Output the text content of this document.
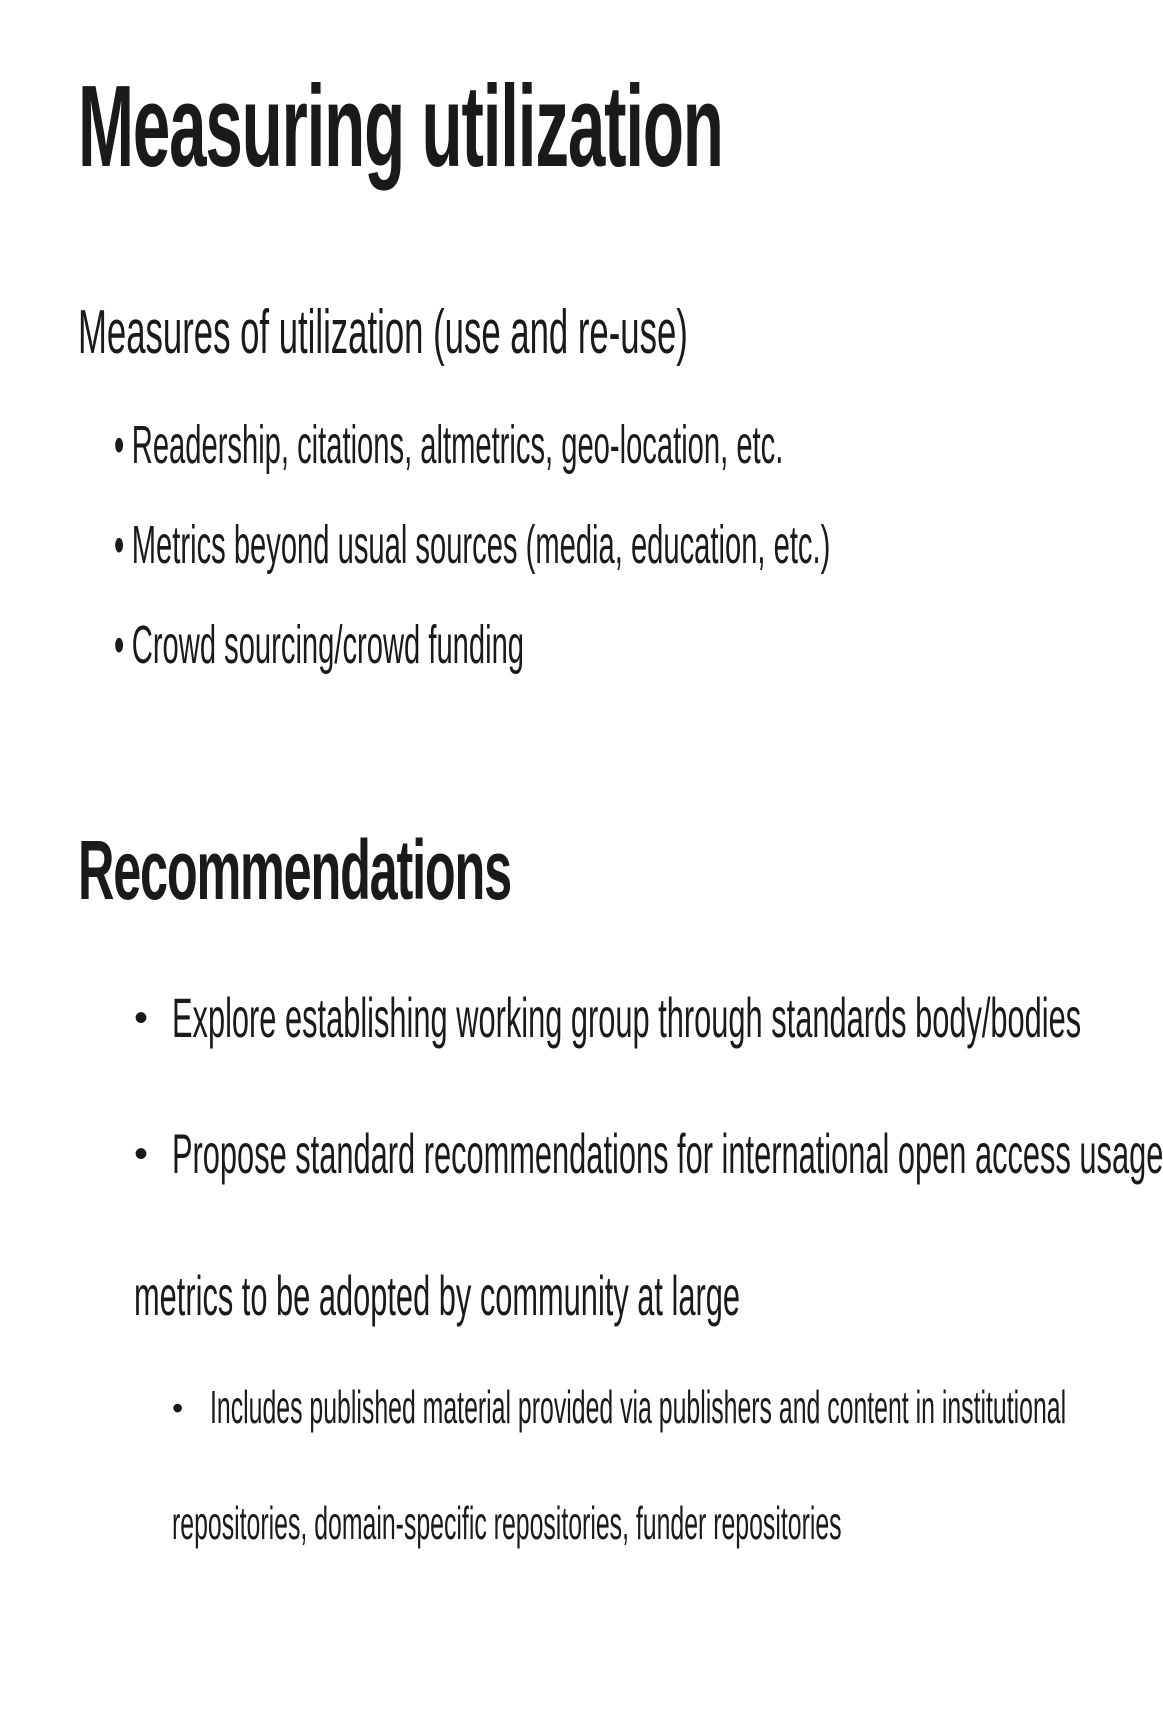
Measuring utilization

Measures of utilization (use and re-use)

• Readership, citations, altmetrics, geo-location, etc.
• Metrics beyond usual sources (media, education, etc.)
• Crowd sourcing/crowd funding
Recommendations
• Explore establishing working group through standards body/bodies
• Propose standard recommendations for international open access usage
metrics to be adopted by community at large
• Includes published material provided via publishers and content in institutional
repositories, domain-specific repositories, funder repositories
